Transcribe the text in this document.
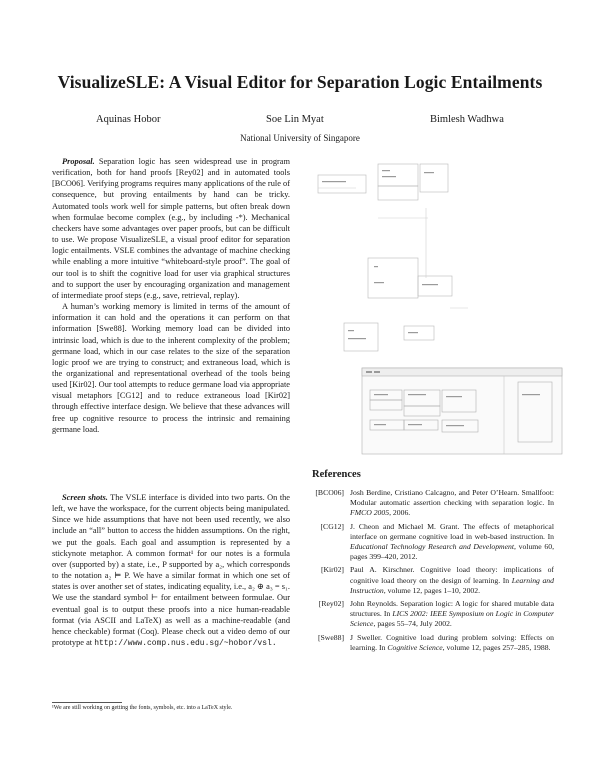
VisualizeSLE: A Visual Editor for Separation Logic Entailments
Aquinas Hobor	Soe Lin Myat	Bimlesh Wadhwa
National University of Singapore

Proposal. Separation logic has seen widespread use in program verification, both for hand proofs [Rey02] and in automated tools [BCO06]. Verifying programs requires many applications of the rule of consequence, but proving entailments by hand can be tricky. Automated tools work well for simple patterns, but often break down when formulae become complex (e.g., by including -*). Mechanical checkers have some advantages over paper proofs, but can be difficult to use. We propose VisualizeSLE, a visual proof editor for separation logic entailments. VSLE combines the advantage of machine checking while enabling a more intuitive “whiteboard-style proof”. The goal of our tool is to shift the cognitive load for user via graphical structures and to support the user by encouraging organization and management of intermediate proof steps (e.g., save, retrieval, replay).

A human’s working memory is limited in terms of the amount of information it can hold and the operations it can perform on that information [Swe88]. Working memory load can be divided into intrinsic load, which is due to the inherent complexity of the problem; germane load, which in our case relates to the size of the separation logic proof we are trying to construct; and extraneous load, which is the organizational and representational overhead of the tools being used [Kir02]. Our tool attempts to reduce germane load via appropriate visual metaphors [CG12] and to reduce extraneous load [Kir02] through effective interface design. We believe that these advances will free up cognitive resource to process the intrinsic and remaining germane load.

Screen shots. The VSLE interface is divided into two parts. On the left, we have the workspace, for the current objects being manipulated. Since we hide assumptions that have not been used recently, we also include an “all” button to access the hidden assumptions. On the right, we put the goals. Each goal and assumption is represented by a stickynote metaphor. A common format¹ for our notes is a formula over (supported by) a state, i.e., P supported by a₂, which corresponds to the notation a₂ ⊨ P. We have a similar format in which one set of states is over another set of states, indicating equality, i.e., a₂ ⊕ a₃ = s₁. We use the standard symbol ⊢ for entailment between formulae. Our eventual goal is to output these proofs into a nice human-readable format (via ASCII and LaTeX) as well as a machine-readable (and hence checkable) format (Coq). Please check out a video demo of our prototype at http://www.comp.nus.edu.sg/~hobor/vsl.

¹We are still working on getting the fonts, symbols, etc. into a LaTeX style.
References
[BCO06] Josh Berdine, Cristiano Calcagno, and Peter O’Hearn. Smallfoot: Modular automatic assertion checking with separation logic. In FMCO 2005, 2006.
[CG12] J. Cheon and Michael M. Grant. The effects of metaphorical interface on germane cognitive load in web-based instruction. In Educational Technology Research and Development, volume 60, pages 399–420, 2012.
[Kir02] Paul A. Kirschner. Cognitive load theory: implications of cognitive load theory on the design of learning. In Learning and Instruction, volume 12, pages 1–10, 2002.
[Rey02] John Reynolds. Separation logic: A logic for shared mutable data structures. In LICS 2002: IEEE Symposium on Logic in Computer Science, pages 55–74, July 2002.
[Swe88] J Sweller. Cognitive load during problem solving: Effects on learning. In Cognitive Science, volume 12, pages 257–285, 1988.
